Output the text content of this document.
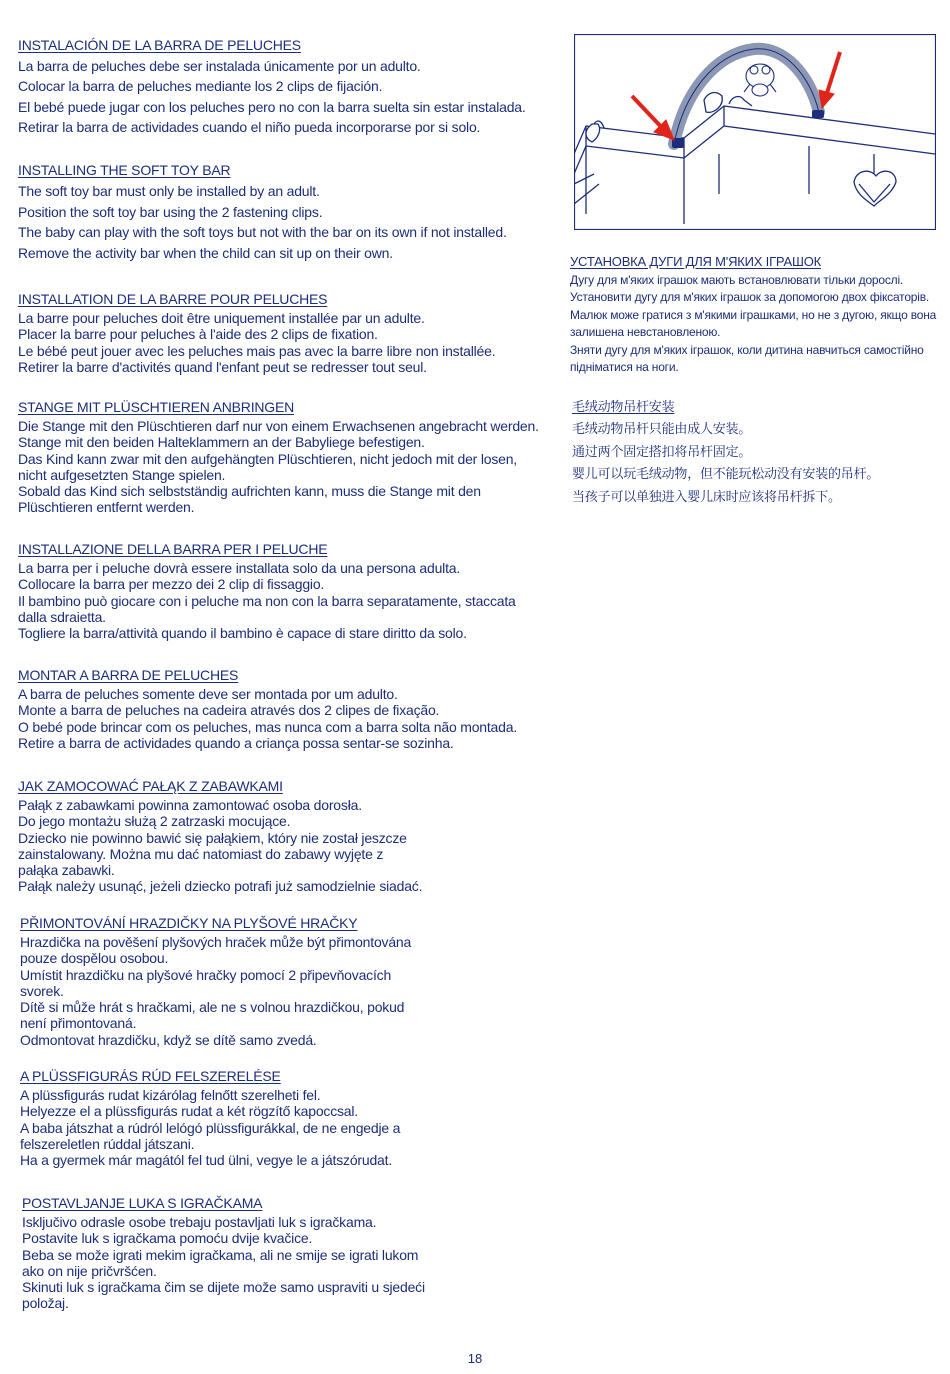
INSTALACIÓN DE LA BARRA DE PELUCHES

La barra de peluches debe ser instalada únicamente por un adulto.

Colocar la barra de peluches mediante los 2 clips de fijación.

El bebé puede jugar con los peluches pero no con la barra suelta sin estar instalada.

Retirar la barra de actividades cuando el niño pueda incorporarse por si solo.

INSTALLING THE SOFT TOY BAR

The soft toy bar must only be installed by an adult.

Position the soft toy bar using the 2 fastening clips.

The baby can play with the soft toys but not with the bar on its own if not installed.

Remove the activity bar when the child can sit up on their own.

INSTALLATION DE LA BARRE POUR PELUCHES

La barre pour peluches doit être uniquement installée par un adulte.

Placer la barre pour peluches à l'aide des 2 clips de fixation.

Le bébé peut jouer avec les peluches mais pas avec la barre libre non installée.

Retirer la barre d'activités quand l'enfant peut se redresser tout seul.

STANGE MIT PLÜSCHTIEREN ANBRINGEN

Die Stange mit den Plüschtieren darf nur von einem Erwachsenen angebracht werden.

Stange mit den beiden Halteklammern an der Babyliege befestigen.

Das Kind kann zwar mit den aufgehängten Plüschtieren, nicht jedoch mit der losen,

nicht aufgesetzten Stange spielen.

Sobald das Kind sich selbstständig aufrichten kann, muss die Stange mit den

Plüschtieren entfernt werden.

INSTALLAZIONE DELLA BARRA PER I PELUCHE

La barra per i peluche dovrà essere installata solo da una persona adulta.

Collocare la barra per mezzo dei 2 clip di fissaggio.

Il bambino può giocare con i peluche ma non con la barra separatamente, staccata

dalla sdraietta.

Togliere la barra/attività quando il bambino è capace di stare diritto da solo.

MONTAR A BARRA DE PELUCHES

A barra de peluches somente deve ser montada por um adulto.

Monte a barra de peluches na cadeira através dos 2 clipes de fixação.

O bebé pode brincar com os peluches, mas nunca com a barra solta não montada.

Retire a barra de actividades quando a criança possa sentar-se sozinha.

JAK ZAMOCOWAĆ PAŁĄK Z ZABAWKAMI

Pałąk z zabawkami powinna zamontować osoba dorosła.

Do jego montażu służą 2 zatrzaski mocujące.

Dziecko nie powinno bawić się pałąkiem, który nie został jeszcze

zainstalowany. Można mu dać natomiast do zabawy wyjęte z

pałąka zabawki.

Pałąk należy usunąć, jeżeli dziecko potrafi już samodzielnie siadać.

PŘIMONTOVÁNÍ HRAZDIČKY NA PLYŠOVÉ HRAČKY

Hrazdička na pověšení plyšových hraček může být přimontována

pouze dospělou osobou.

Umístit hrazdičku na plyšové hračky pomocí 2 připevňovacích

svorek.

Dítě si může hrát s hračkami, ale ne s volnou hrazdičkou, pokud

není přimontovaná.

Odmontovat hrazdičku, když se dítě samo zvedá.

A PLÜSSFIGURÁS RÚD FELSZERELÉSE

A plüssfigurás rudat kizárólag felnőtt szerelheti fel.

Helyezze el a plüssfigurás rudat a két rögzítő kapoccsal.

A baba játszhat a rúdról lelógó plüssfigurákkal, de ne engedje a

felszereletlen rúddal játszani.

Ha a gyermek már magától fel tud ülni, vegye le a játszórudat.

POSTAVLJANJE LUKA S IGRAČKAMA

Isključivo odrasle osobe trebaju postavljati luk s igračkama.

Postavite luk s igračkama pomoću dvije kvačice.

Beba se može igrati mekim igračkama, ali ne smije se igrati lukom

ako on nije pričvršćen.

Skinuti luk s igračkama čim se dijete može samo uspraviti u sjedeći

položaj.

УСТАНОВКА ДУГИ ДЛЯ М'ЯКИХ ІГРАШОК

Дугу для м'яких іграшок мають встановлювати тільки дорослі.

Установити дугу для м'яких іграшок за допомогою двох фіксаторів.

Малюк може гратися з м'якими іграшками, но не з дугою, якщо вона

залишена невстановленою.

Зняти дугу для м'яких іграшок, коли дитина навчиться самостійно

підніматися на ноги.

毛绒动物吊杆安装

毛绒动物吊杆只能由成人安装。

通过两个固定搭扣将吊杆固定。

婴儿可以玩毛绒动物，但不能玩松动没有安装的吊杆。

当孩子可以单独进入婴儿床时应该将吊杆拆下。

18
